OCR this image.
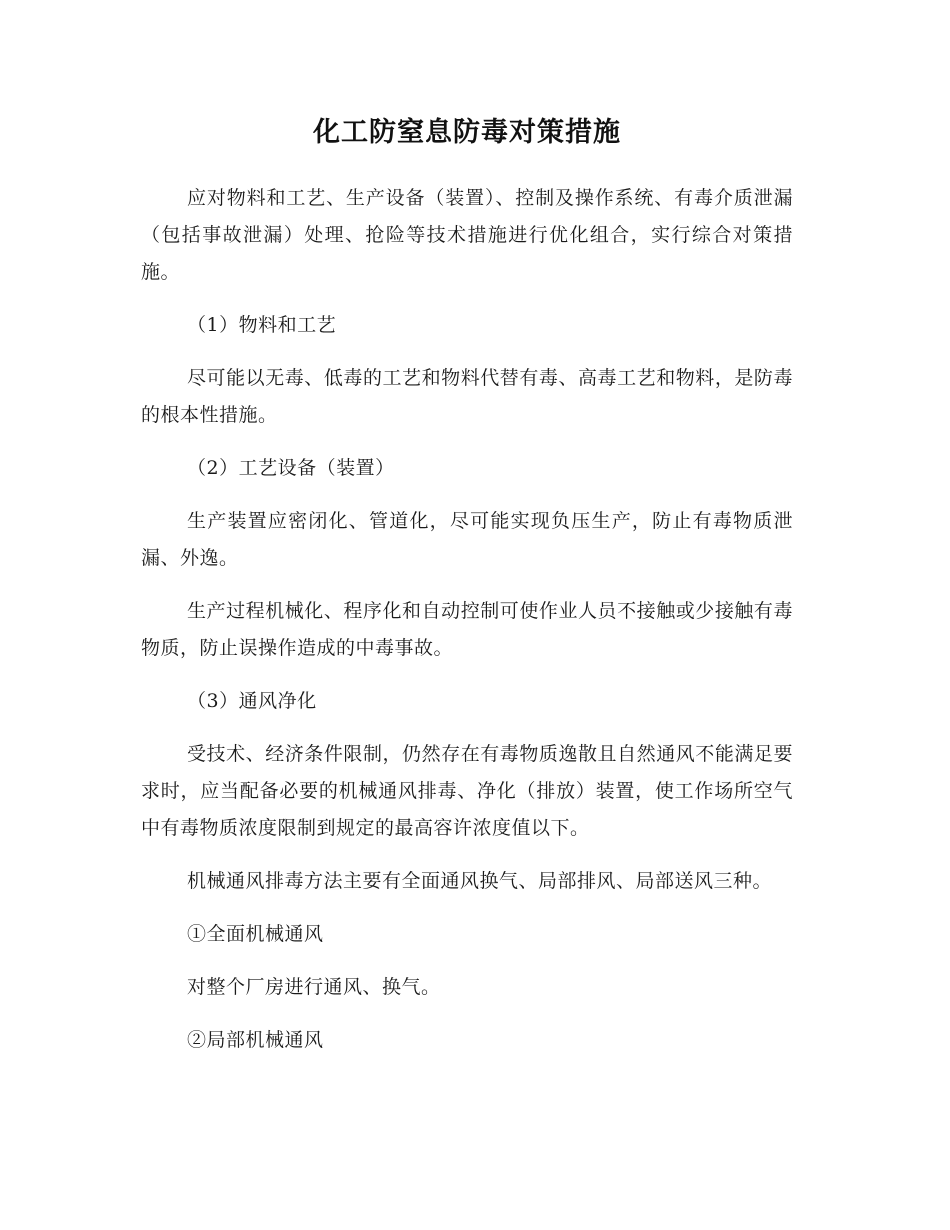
化工防窒息防毒对策措施

应对物料和工艺、生产设备（装置）、控制及操作系统、有毒介质泄漏（包括事故泄漏）处理、抢险等技术措施进行优化组合，实行综合对策措施。

（1）物料和工艺

尽可能以无毒、低毒的工艺和物料代替有毒、高毒工艺和物料，是防毒的根本性措施。

（2）工艺设备（装置）

生产装置应密闭化、管道化，尽可能实现负压生产，防止有毒物质泄漏、外逸。

生产过程机械化、程序化和自动控制可使作业人员不接触或少接触有毒物质，防止误操作造成的中毒事故。

（3）通风净化

受技术、经济条件限制，仍然存在有毒物质逸散且自然通风不能满足要求时，应当配备必要的机械通风排毒、净化（排放）装置，使工作场所空气中有毒物质浓度限制到规定的最高容许浓度值以下。

机械通风排毒方法主要有全面通风换气、局部排风、局部送风三种。

①全面机械通风

对整个厂房进行通风、换气。

②局部机械通风
